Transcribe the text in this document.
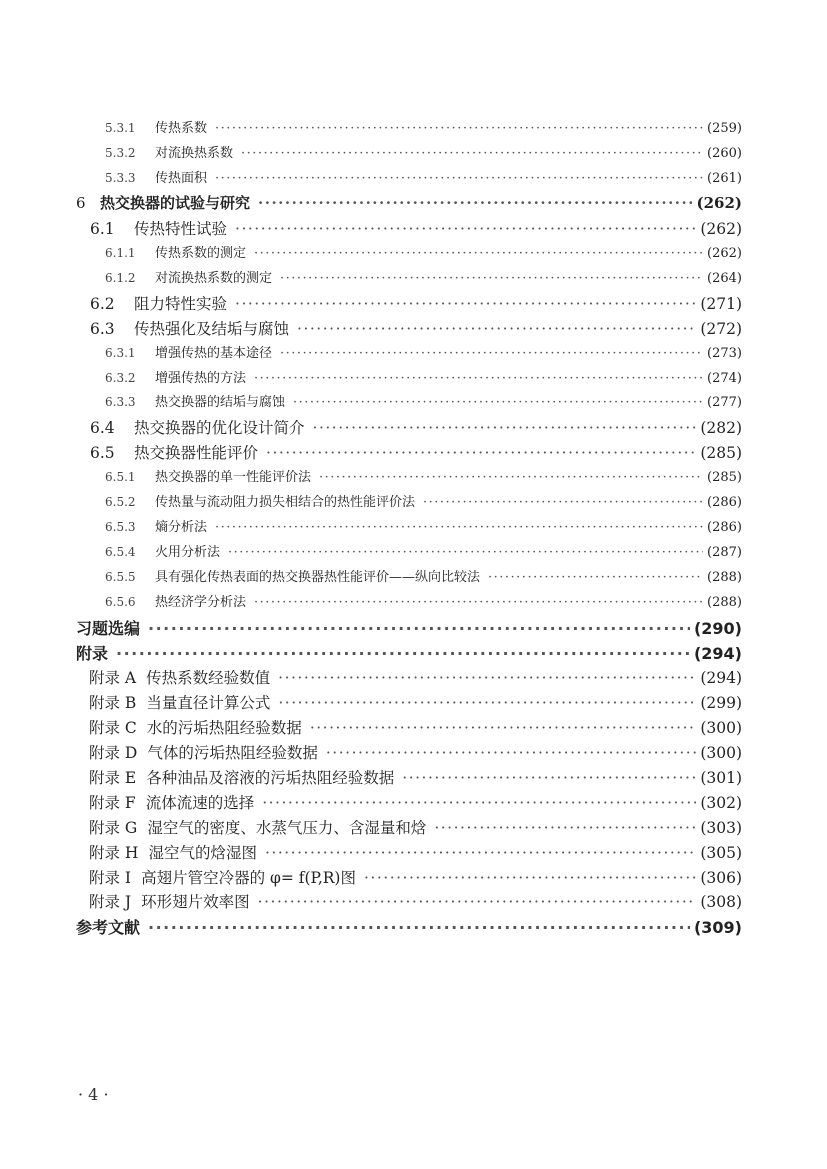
5.3.1	传热系数 ·····	(259)
5.3.2	对流换热系数 ·····	(260)
5.3.3	传热面积 ·····	(261)
6 热交换器的试验与研究 ·····	(262)
6.1	传热特性试验 ·····	(262)
6.1.1	传热系数的测定 ·····	(262)
6.1.2	对流换热系数的测定 ·····	(264)
6.2	阻力特性实验 ·····	(271)
6.3	传热强化及结垢与腐蚀 ·····	(272)
6.3.1	增强传热的基本途径 ·····	(273)
6.3.2	增强传热的方法 ·····	(274)
6.3.3	热交换器的结垢与腐蚀 ·····	(277)
6.4	热交换器的优化设计简介 ·····	(282)
6.5	热交换器性能评价 ·····	(285)
6.5.1	热交换器的单一性能评价法 ·····	(285)
6.5.2	传热量与流动阻力损失相结合的热性能评价法 ·····	(286)
6.5.3	熵分析法 ·····	(286)
6.5.4	火用分析法 ·····	(287)
6.5.5	具有强化传热表面的热交换器热性能评价——纵向比较法 ·····	(288)
6.5.6	热经济学分析法 ·····	(288)
习题选编 ·····	(290)
附录 ·····	(294)
附录 A 传热系数经验数值 ·····	(294)
附录 B 当量直径计算公式 ·····	(299)
附录 C 水的污垢热阻经验数据 ·····	(300)
附录 D 气体的污垢热阻经验数据 ·····	(300)
附录 E 各种油品及溶液的污垢热阻经验数据 ·····	(301)
附录 F 流体流速的选择 ·····	(302)
附录 G 湿空气的密度、水蒸气压力、含湿量和焓 ·····	(303)
附录 H 湿空气的焓湿图 ·····	(305)
附录 I 高翅片管空冷器的 φ= f(P,R)图 ·····	(306)
附录 J 环形翅片效率图 ·····	(308)
参考文献 ·····	(309)
· 4 ·
